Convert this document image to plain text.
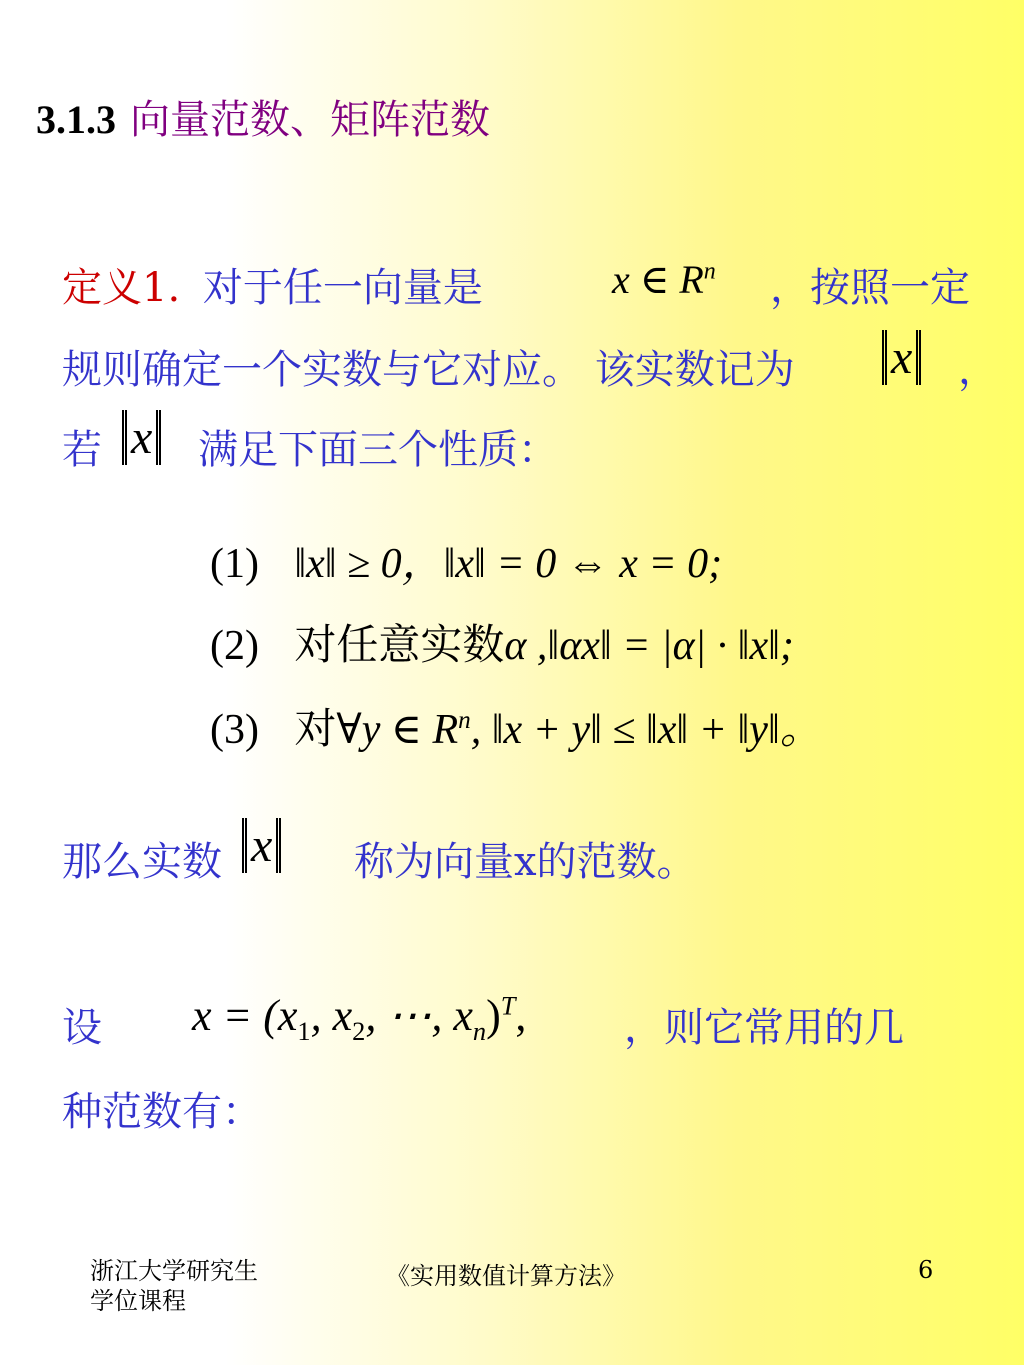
3.1.3 向量范数、矩阵范数
定义1. 对于任一向量是	x ∈ $R^n$ ，按照一定
规则确定一个实数与它对应。 该实数记为 x ，
若 x 满足下面三个性质：
(1) ‖x‖ ≥ 0，‖x‖ = 0 ⇔ x = 0;
(2) 对任意实数α ,‖αx‖ = |α| · ‖x‖;
(3) 对∀y ∈ $R^n$, ‖x + y‖ ≤ ‖x‖ + ‖y‖。
那么实数 x 称为向量x的范数。
设 $x = (x_1$, $x_2$, ⋯, $x_n)^T$, ，则它常用的几
种范数有：
浙江大学研究生
学位课程
《实用数值计算方法》	6
